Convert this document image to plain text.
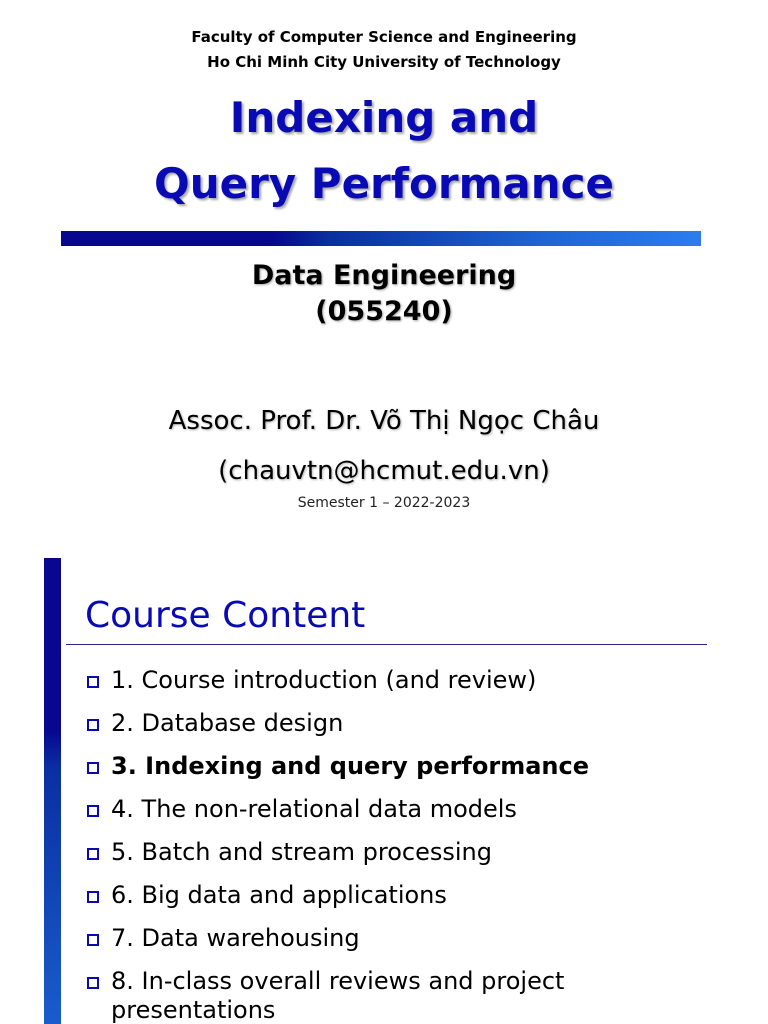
Faculty of Computer Science and Engineering
Ho Chi Minh City University of Technology
Indexing and
Query Performance
Data Engineering
(055240)
Assoc. Prof. Dr. Võ Thị Ngọc Châu
(chauvtn@hcmut.edu.vn)
Semester 1 – 2022-2023
Course Content
1. Course introduction (and review)
2. Database design
3. Indexing and query performance
4. The non-relational data models
5. Batch and stream processing
6. Big data and applications
7. Data warehousing
8. In-class overall reviews and project presentations
